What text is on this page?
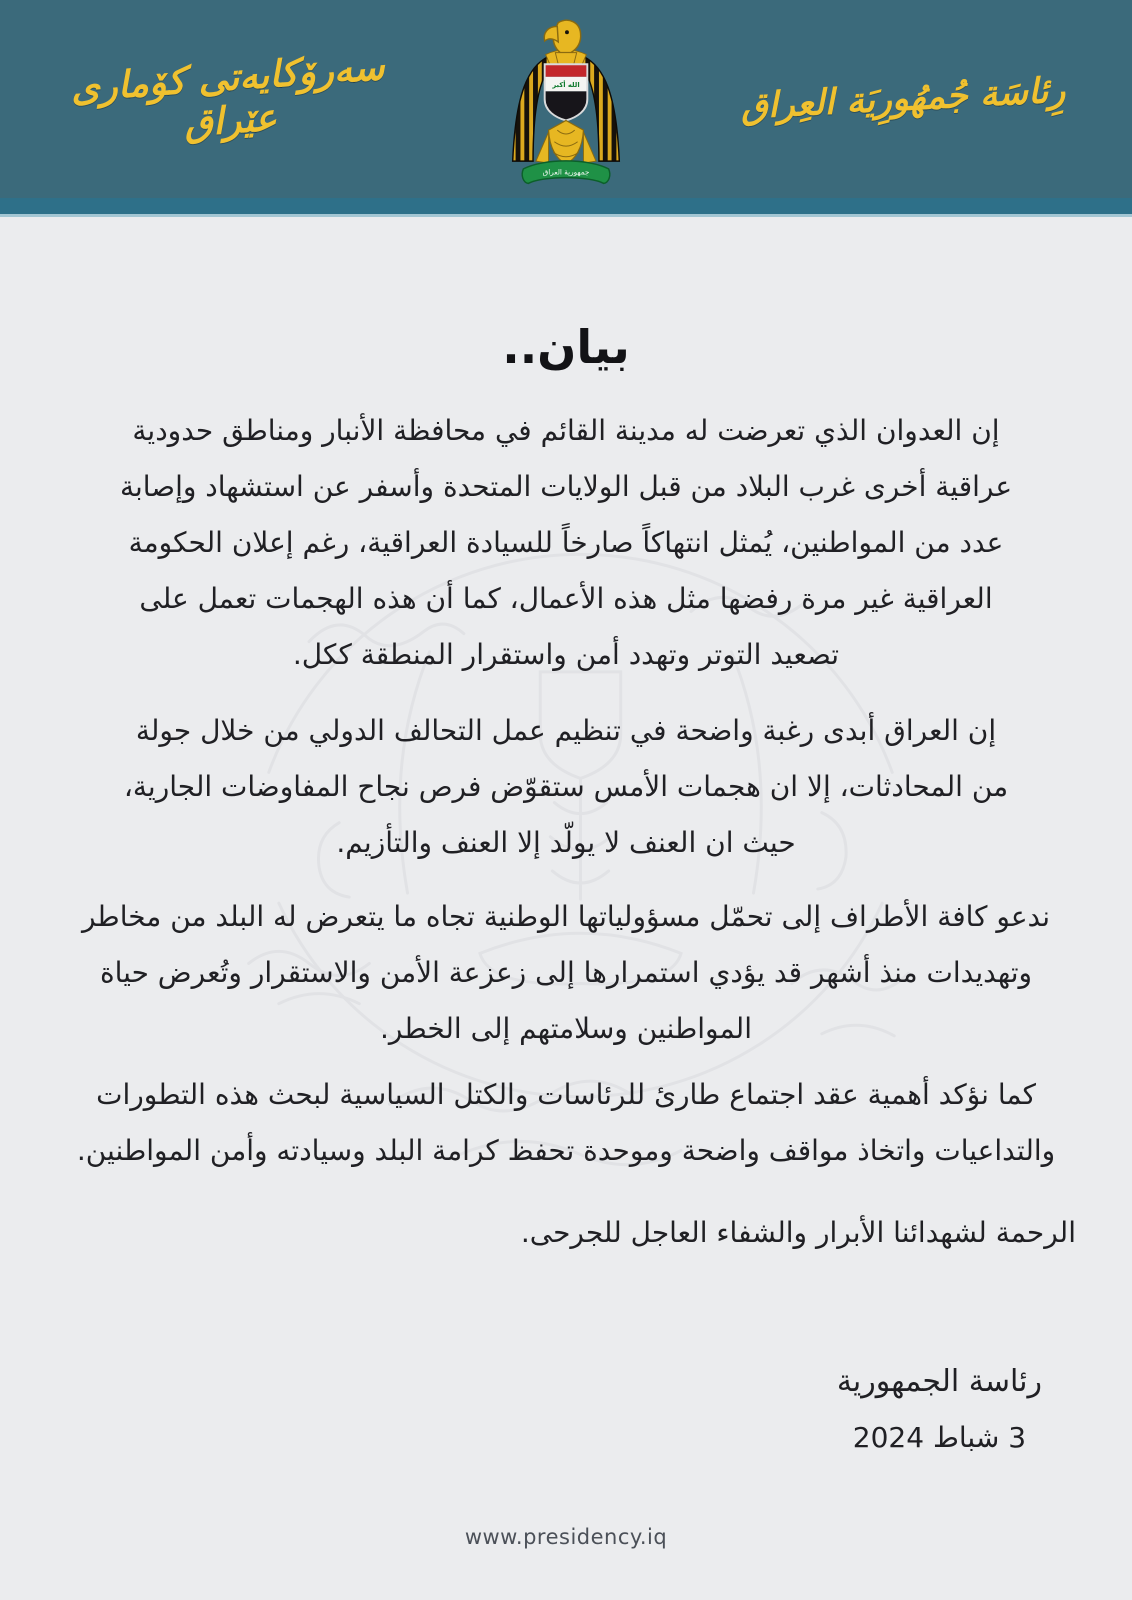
سەرۆکایەتی کۆماری عێراق
الله أكبر
جمهورية العراق
رِئاسَة جُمهُورِيَة العِراق
بيان..
إن العدوان الذي تعرضت له مدينة القائم في محافظة الأنبار ومناطق حدودية
عراقية أخرى غرب البلاد من قبل الولايات المتحدة وأسفر عن استشهاد وإصابة
عدد من المواطنين، يُمثل انتهاكاً صارخاً للسيادة العراقية، رغم إعلان الحكومة
العراقية غير مرة رفضها مثل هذه الأعمال، كما أن هذه الهجمات تعمل على
تصعيد التوتر وتهدد أمن واستقرار المنطقة ككل.
إن العراق أبدى رغبة واضحة في تنظيم عمل التحالف الدولي من خلال جولة
من المحادثات، إلا ان هجمات الأمس ستقوّض فرص نجاح المفاوضات الجارية،
حيث ان العنف لا يولّد إلا العنف والتأزيم.
ندعو كافة الأطراف إلى تحمّل مسؤولياتها الوطنية تجاه ما يتعرض له البلد من مخاطر
وتهديدات منذ أشهر قد يؤدي استمرارها إلى زعزعة الأمن والاستقرار وتُعرض حياة
المواطنين وسلامتهم إلى الخطر.
كما نؤكد أهمية عقد اجتماع طارئ للرئاسات والكتل السياسية لبحث هذه التطورات
والتداعيات واتخاذ مواقف واضحة وموحدة تحفظ كرامة البلد وسيادته وأمن المواطنين.

الرحمة لشهدائنا الأبرار والشفاء العاجل للجرحى.

رئاسة الجمهورية
3 شباط 2024
www.presidency.iq
